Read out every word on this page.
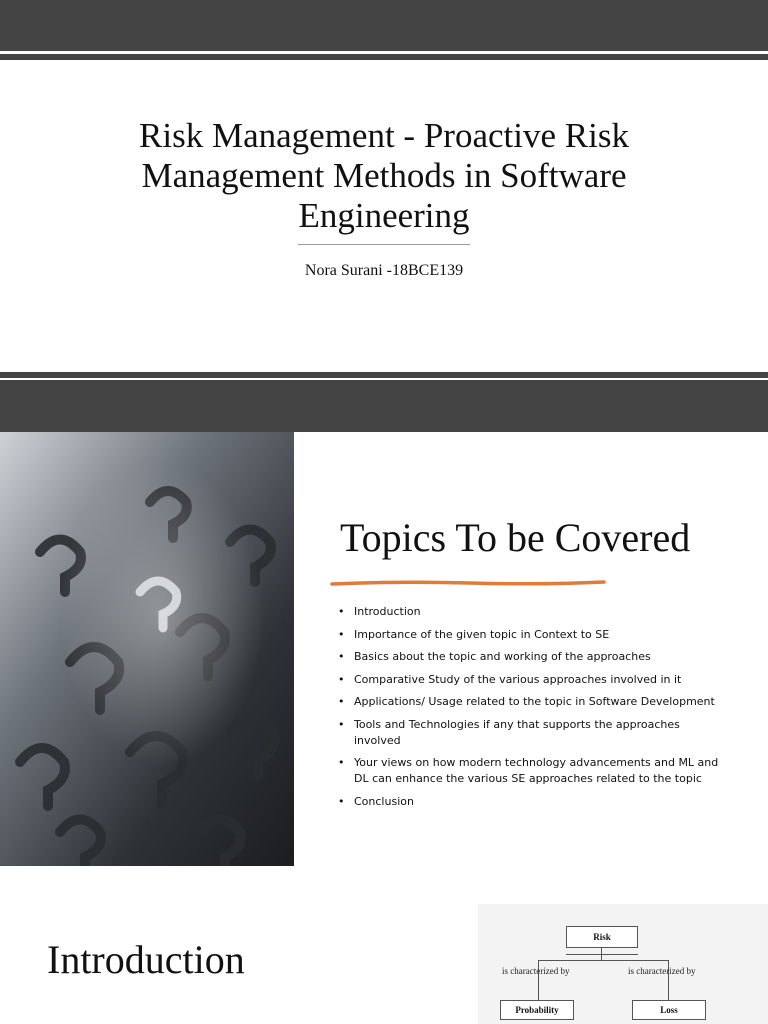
Risk Management - Proactive Risk Management Methods in Software Engineering
Nora Surani -18BCE139
Topics To be Covered
• Introduction
• Importance of the given topic in Context to SE
• Basics about the topic and working of the approaches
• Comparative Study of the various approaches involved in it
• Applications/ Usage related to the topic in Software Development
• Tools and Technologies if any that supports the approaches involved
• Your views on how modern technology advancements and ML and DL can enhance the various SE approaches related to the topic
• Conclusion
Introduction	Risk
is characterized by	is characterized by
Probability	Loss
